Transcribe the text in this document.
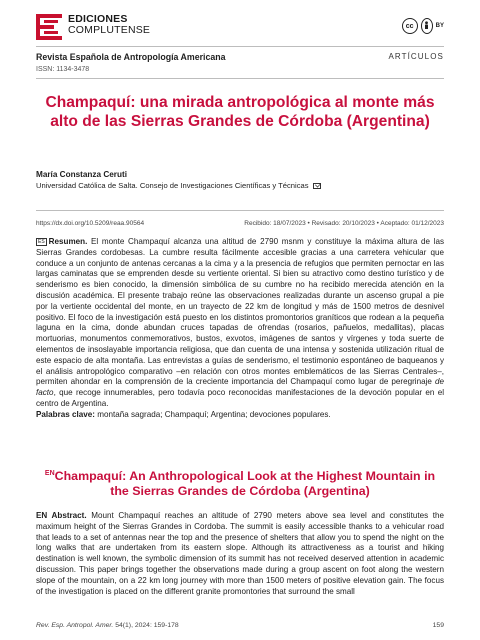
EDICIONES
COMPLUTENSE	cc	BY
Revista Española de Antropología Americana
ISSN: 1134-3478
ARTÍCULOS
Champaquí: una mirada antropológica al monte más alto de las Sierras Grandes de Córdoba (Argentina)
María Constanza Ceruti
Universidad Católica de Salta. Consejo de Investigaciones Científicas y Técnicas
https://dx.doi.org/10.5209/reaa.90564	Recibido: 18/07/2023 • Revisado: 20/10/2023 • Aceptado: 01/12/2023

ES Resumen. El monte Champaquí alcanza una altitud de 2790 msnm y constituye la máxima altura de las Sierras Grandes cordobesas. La cumbre resulta fácilmente accesible gracias a una carretera vehicular que conduce a un conjunto de antenas cercanas a la cima y a la presencia de refugios que permiten pernoctar en las largas caminatas que se emprenden desde su vertiente oriental. Si bien su atractivo como destino turístico y de senderismo es bien conocido, la dimensión simbólica de su cumbre no ha recibido merecida atención en la discusión académica. El presente trabajo reúne las observaciones realizadas durante un ascenso grupal a pie por la vertiente occidental del monte, en un trayecto de 22 km de longitud y más de 1500 metros de desnivel positivo. El foco de la investigación está puesto en los distintos promontorios graníticos que rodean a la pequeña laguna en la cima, donde abundan cruces tapadas de ofrendas (rosarios, pañuelos, medallitas), placas mortuorias, monumentos conmemorativos, bustos, exvotos, imágenes de santos y vírgenes y toda suerte de elementos de insoslayable importancia religiosa, que dan cuenta de una intensa y sostenida utilización ritual de este espacio de alta montaña. Las entrevistas a guías de senderismo, el testimonio espontáneo de baqueanos y el análisis antropológico comparativo –en relación con otros montes emblemáticos de las Sierras Centrales–, permiten ahondar en la comprensión de la creciente importancia del Champaquí como lugar de peregrinaje de facto, que recoge innumerables, pero todavía poco reconocidas manifestaciones de la devoción popular en el centro de Argentina.

Palabras clave: montaña sagrada; Champaquí; Argentina; devociones populares.

$^{EN}$Champaquí: An Anthropological Look at the Highest Mountain in the Sierras Grandes de Córdoba (Argentina)

EN Abstract. Mount Champaquí reaches an altitude of 2790 meters above sea level and constitutes the maximum height of the Sierras Grandes in Cordoba. The summit is easily accessible thanks to a vehicular road that leads to a set of antennas near the top and the presence of shelters that allow you to spend the night on the long walks that are undertaken from its eastern slope. Although its attractiveness as a tourist and hiking destination is well known, the symbolic dimension of its summit has not received deserved attention in academic discussion. This paper brings together the observations made during a group ascent on foot along the western slope of the mountain, on a 22 km long journey with more than 1500 meters of positive elevation gain. The focus of the investigation is placed on the different granite promontories that surround the small

Rev. Esp. Antropol. Amer. 54(1), 2024: 159-178	159
